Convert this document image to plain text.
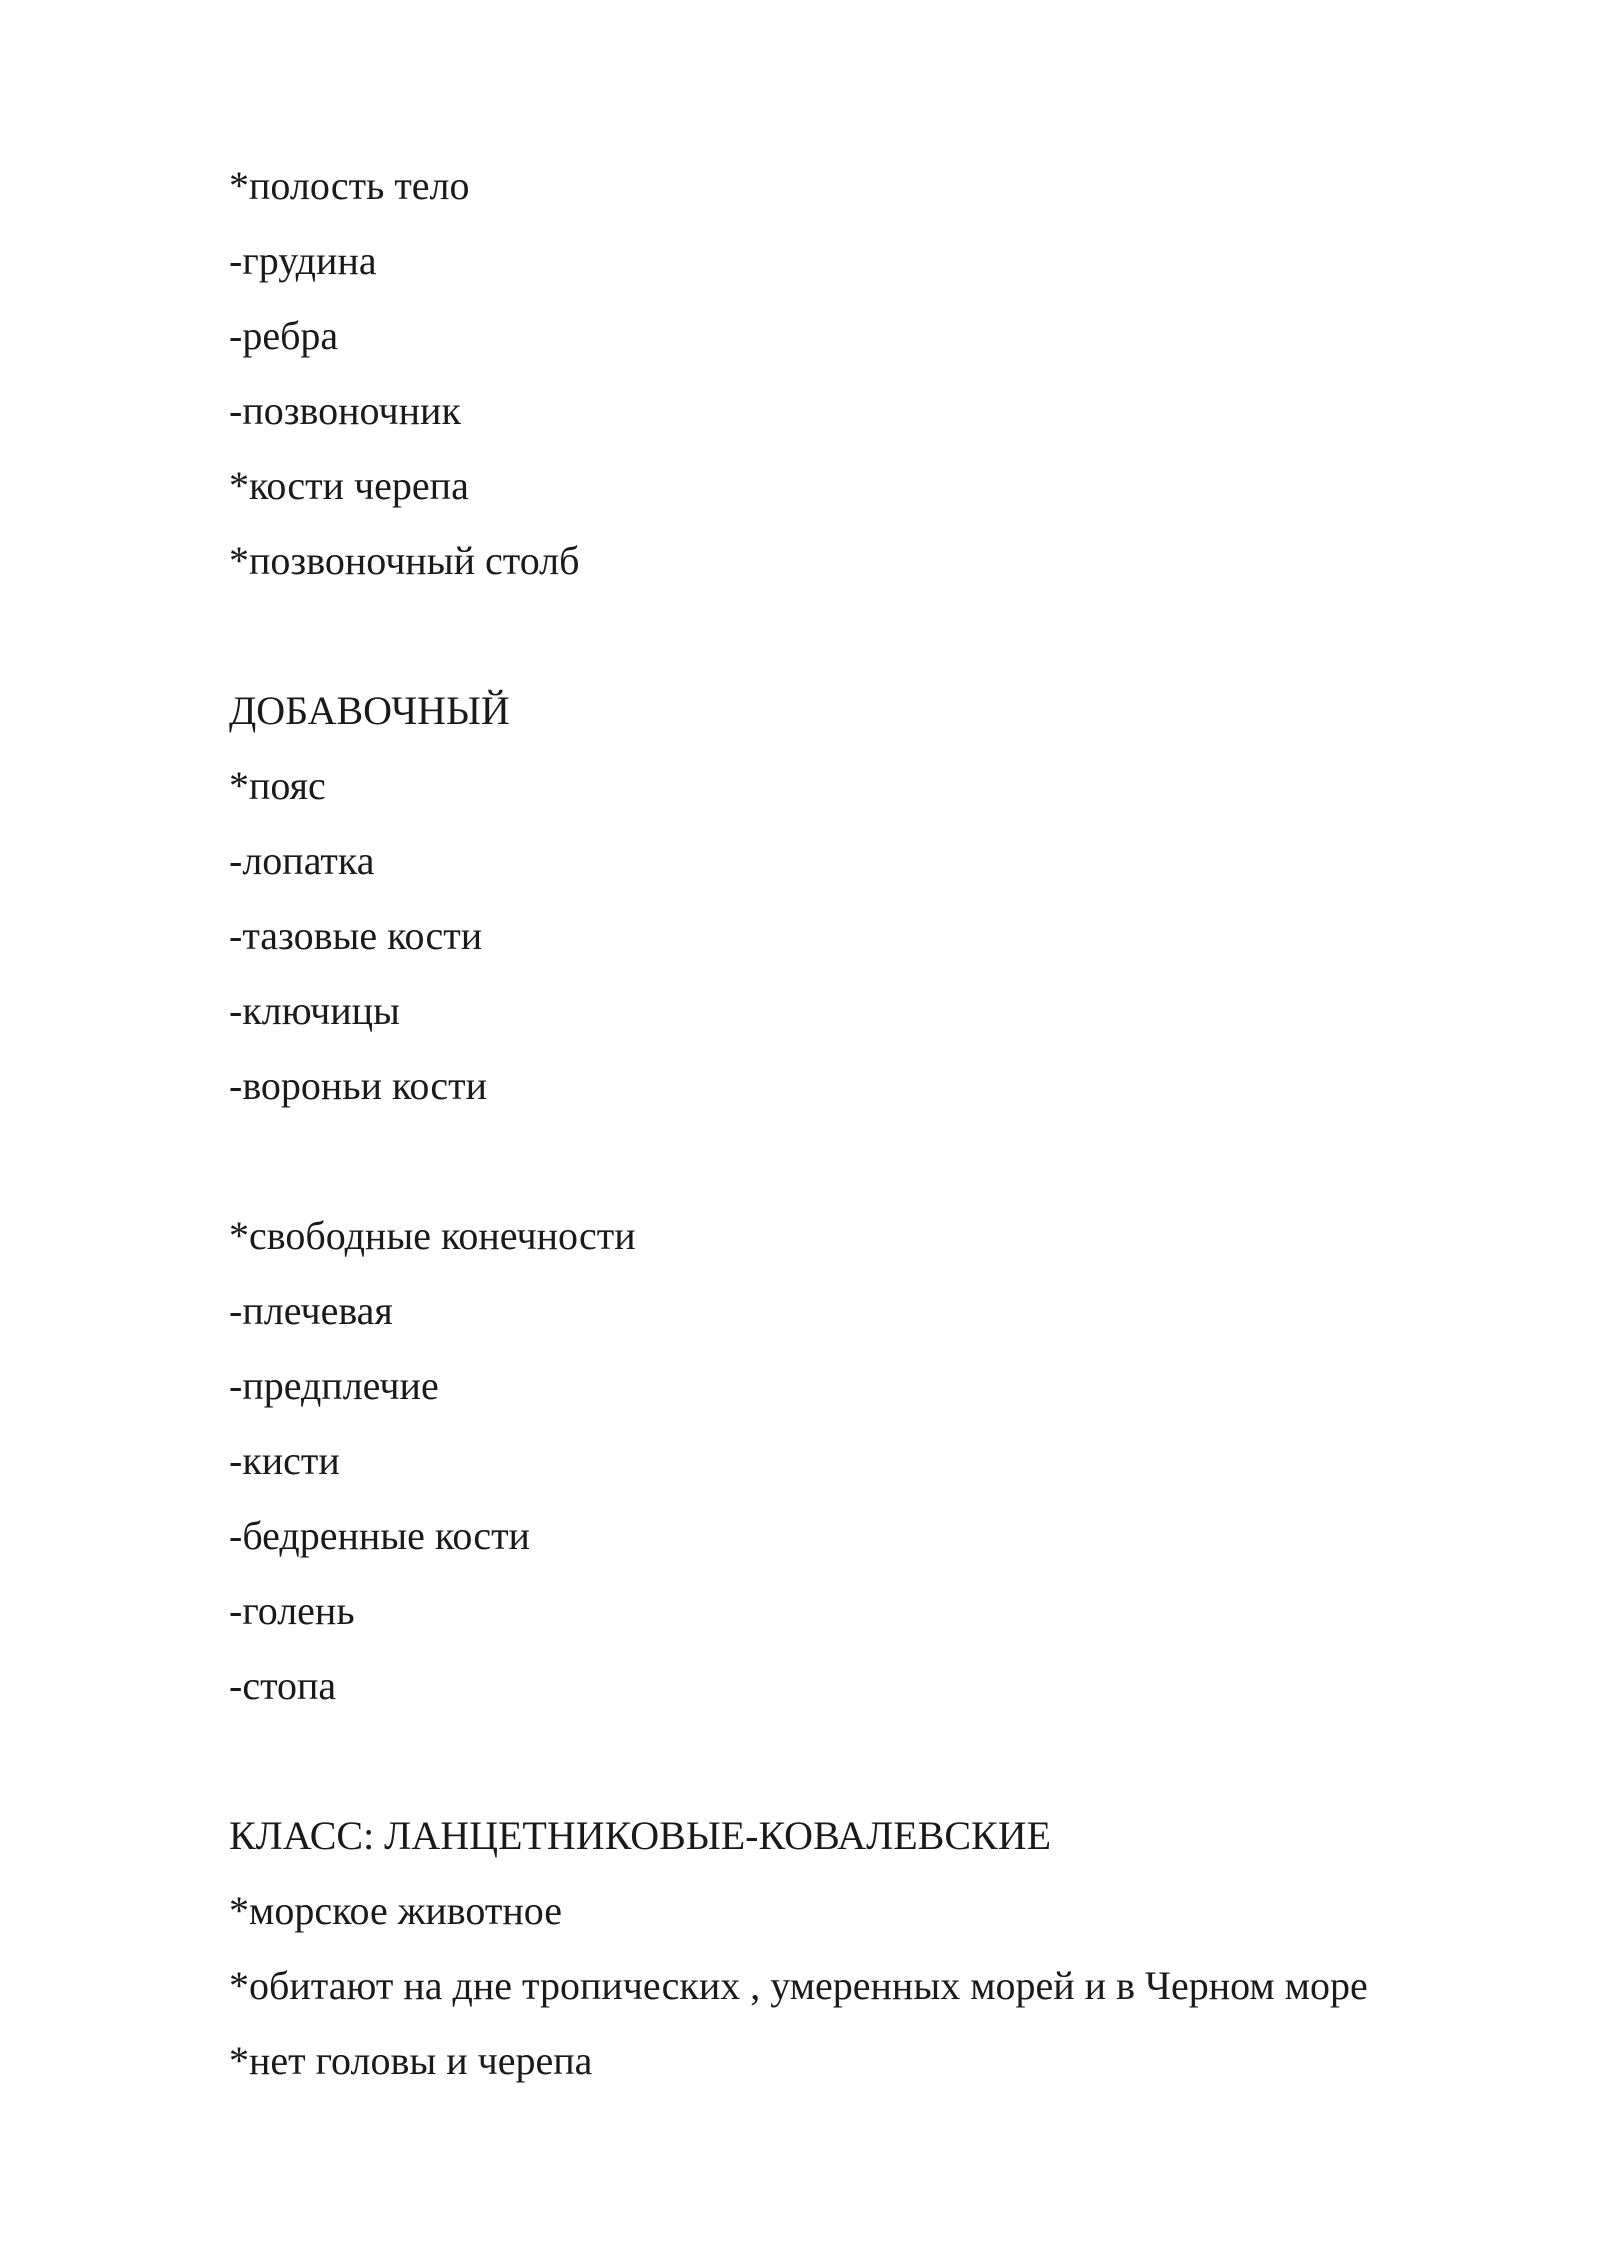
*полость тело
-грудина
-ребра
-позвоночник
*кости черепа
*позвоночный столб
ДОБАВОЧНЫЙ
*пояс
-лопатка
-тазовые кости
-ключицы
-вороньи кости
*свободные конечности
-плечевая
-предплечие
-кисти
-бедренные кости
-голень
-стопа
КЛАСС: ЛАНЦЕТНИКОВЫЕ-КОВАЛЕВСКИЕ
*морское животное
*обитают на дне тропических , умеренных морей и в Черном море
*нет головы и черепа
